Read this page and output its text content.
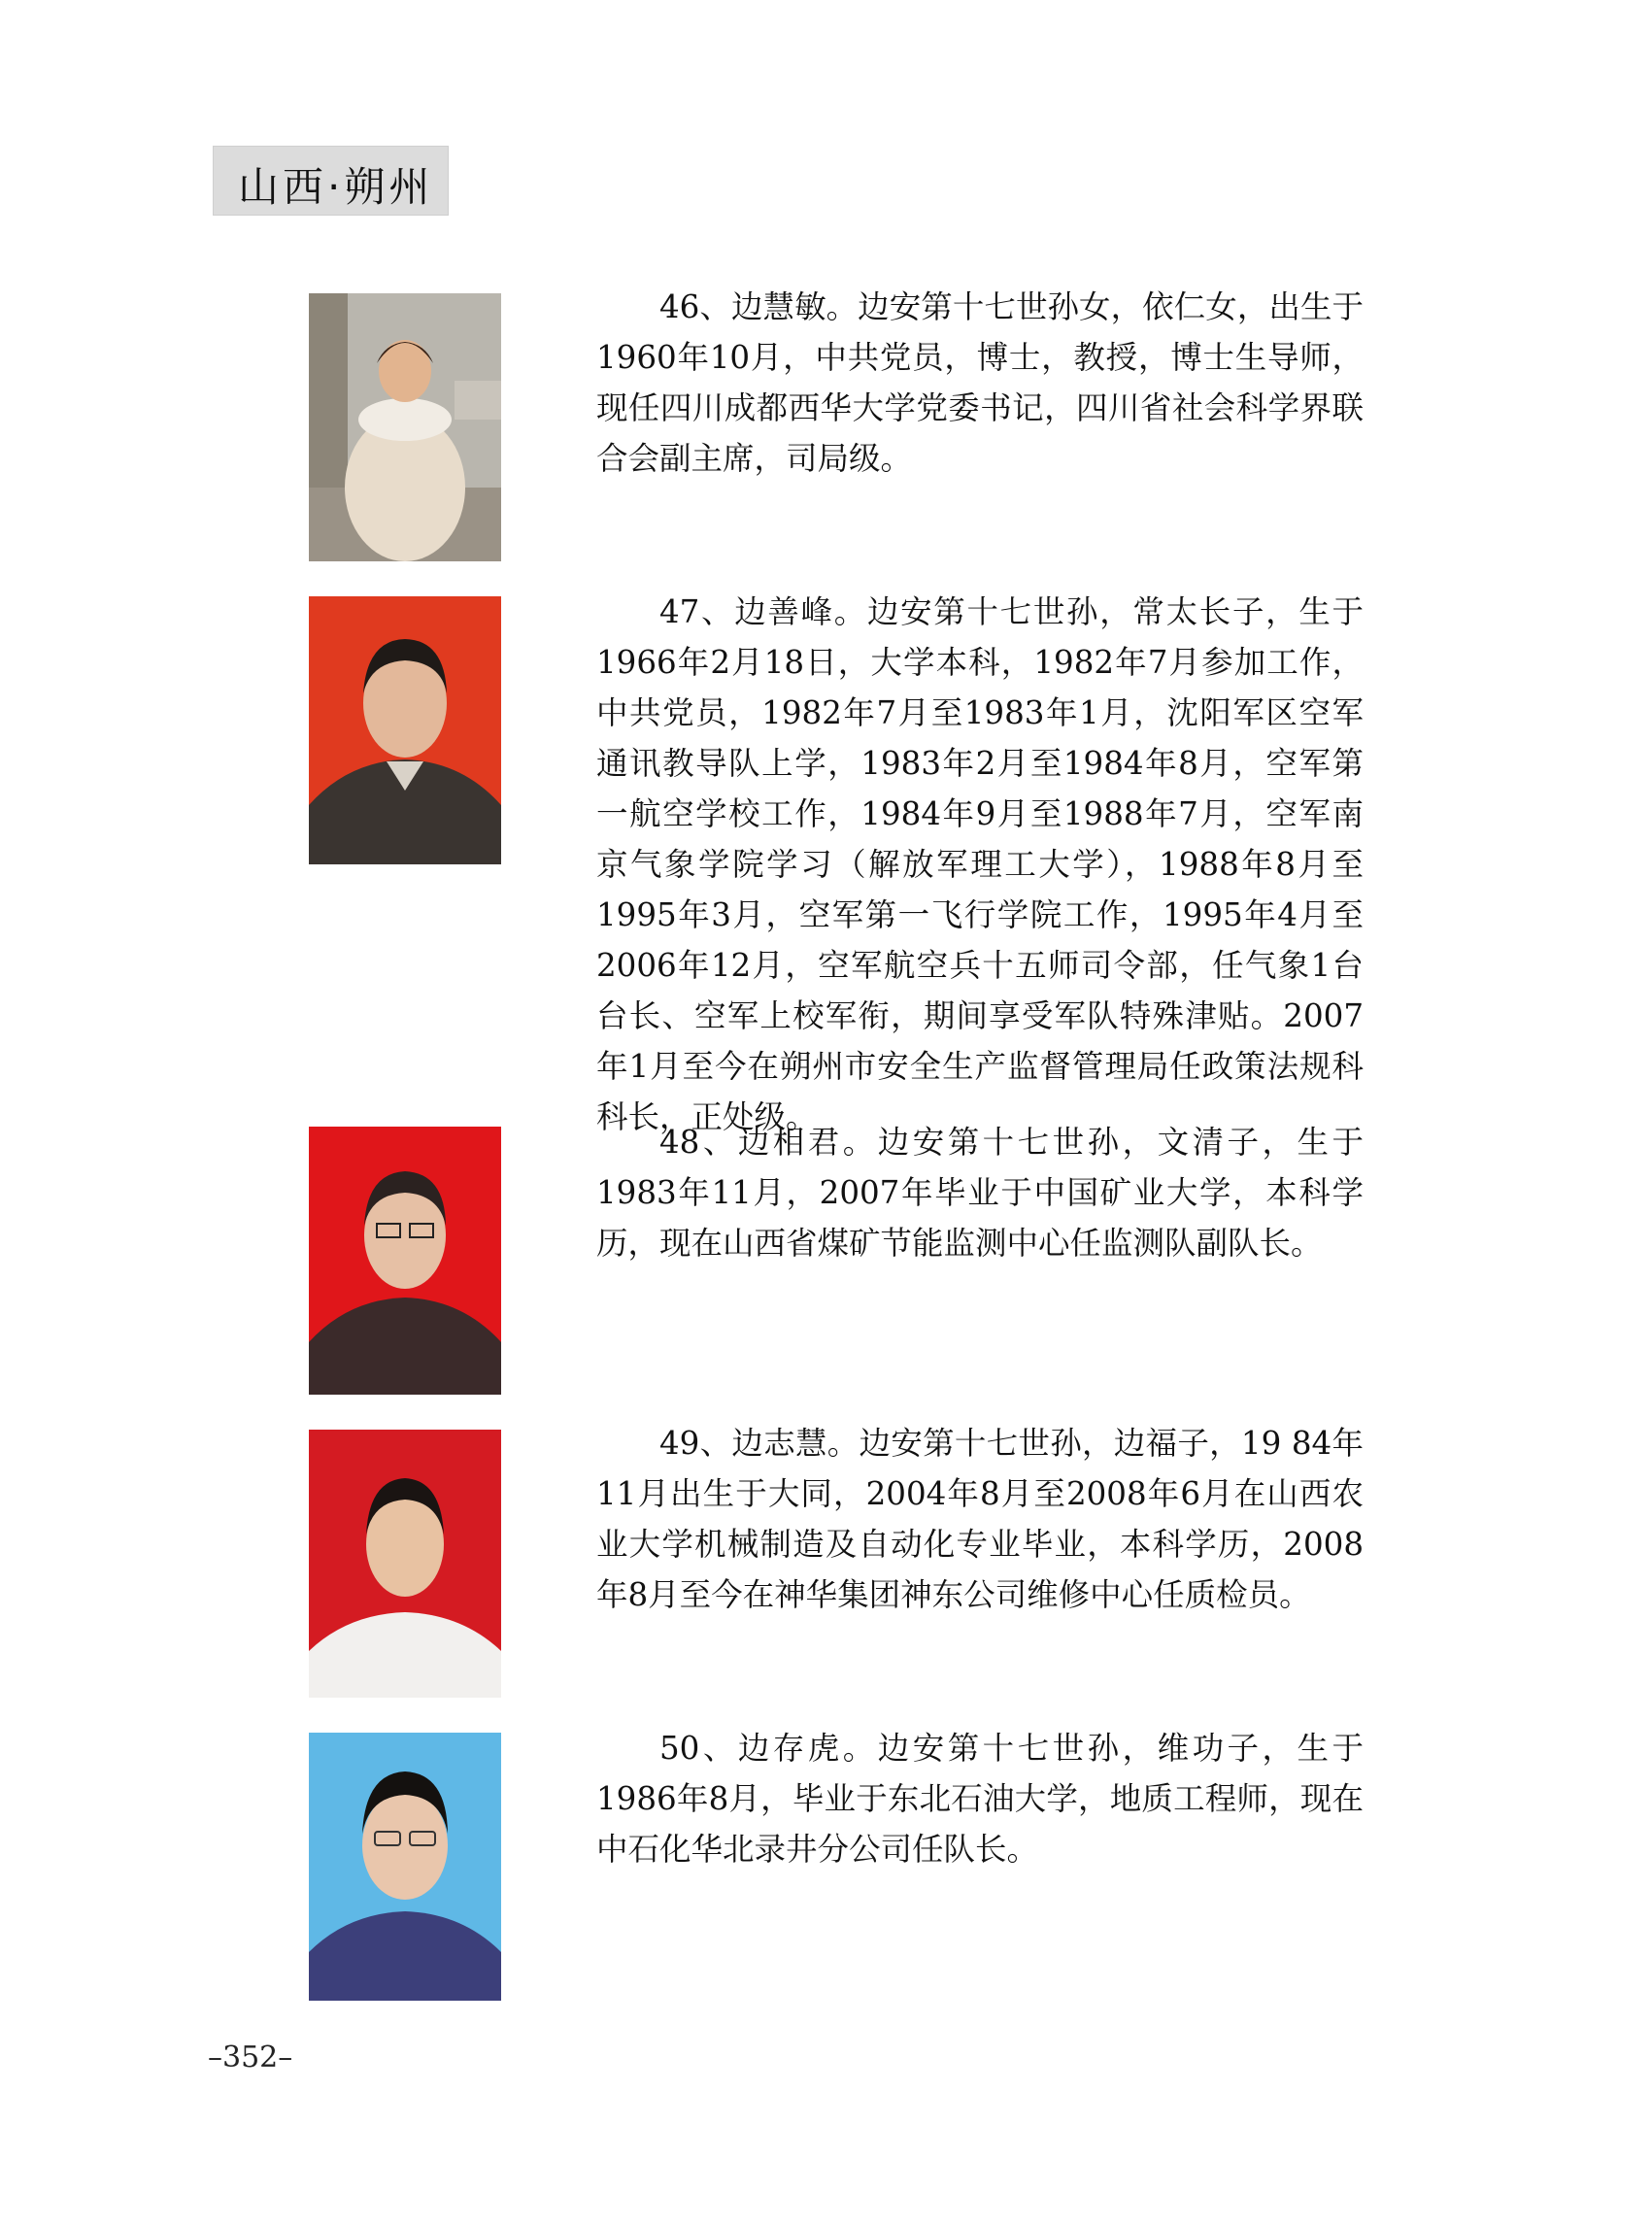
山西·朔州

46、边慧敏。边安第十七世孙女，依仁女，出生于1960年10月，中共党员，博士，教授，博士生导师，现任四川成都西华大学党委书记，四川省社会科学界联合会副主席，司局级。

47、边善峰。边安第十七世孙，常太长子，生于1966年2月18日，大学本科，1982年7月参加工作，中共党员，1982年7月至1983年1月，沈阳军区空军通讯教导队上学，1983年2月至1984年8月，空军第一航空学校工作，1984年9月至1988年7月，空军南京气象学院学习（解放军理工大学），1988年8月至1995年3月，空军第一飞行学院工作，1995年4月至2006年12月，空军航空兵十五师司令部，任气象1台台长、空军上校军衔，期间享受军队特殊津贴。2007年1月至今在朔州市安全生产监督管理局任政策法规科科长，正处级。

48、边相君。边安第十七世孙，文清子，生于1983年11月，2007年毕业于中国矿业大学，本科学历，现在山西省煤矿节能监测中心任监测队副队长。

49、边志慧。边安第十七世孙，边福子，19 84年11月出生于大同，2004年8月至2008年6月在山西农业大学机械制造及自动化专业毕业，本科学历，2008年8月至今在神华集团神东公司维修中心任质检员。

50、边存虎。边安第十七世孙，维功子，生于1986年8月，毕业于东北石油大学，地质工程师，现在中石化华北录井分公司任队长。

–352–
